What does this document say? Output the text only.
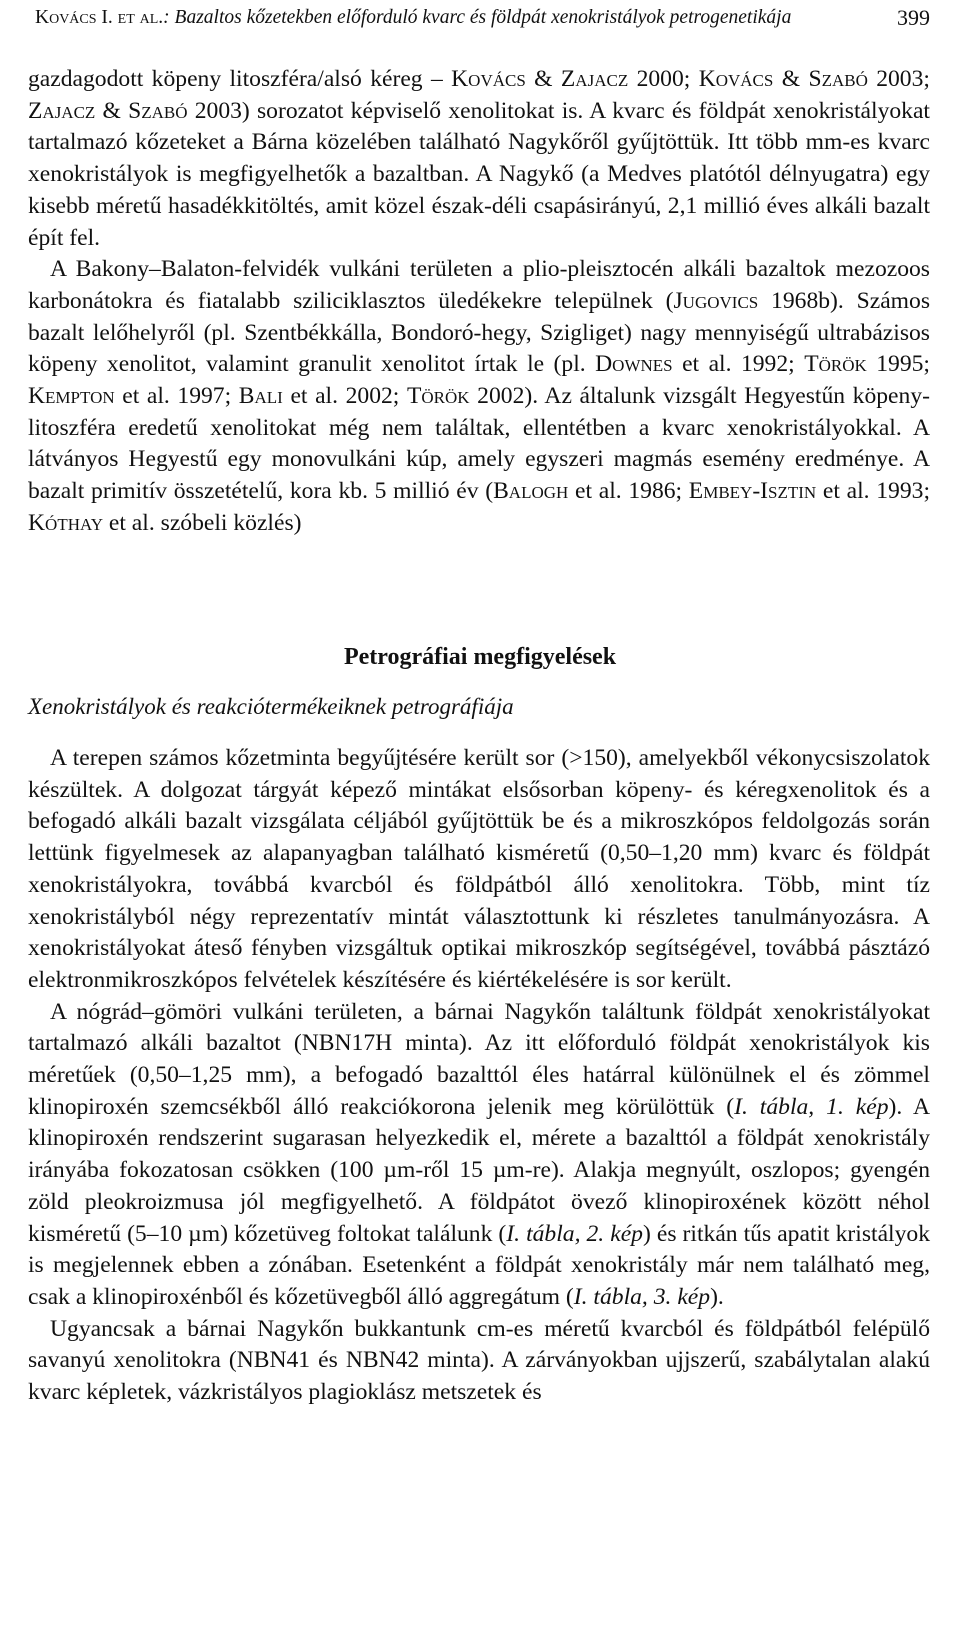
Kovács I. et al.: Bazaltos kőzetekben előforduló kvarc és földpát xenokristályok petrogenetikája	399

gazdagodott köpeny litoszféra/alsó kéreg – Kovács & Zajacz 2000; Kovács & Szabó 2003; Zajacz & Szabó 2003) sorozatot képviselő xenolitokat is. A kvarc és földpát xenokristályokat tartalmazó kőzeteket a Bárna közelében található Nagykőről gyűjtöttük. Itt több mm-es kvarc xenokristályok is megfigyelhetők a bazaltban. A Nagykő (a Medves platótól délnyugatra) egy kisebb méretű hasadékkitöltés, amit közel észak-déli csapásirányú, 2,1 millió éves alkáli bazalt épít fel.

A Bakony–Balaton-felvidék vulkáni területen a plio-pleisztocén alkáli bazaltok mezozoos karbonátokra és fiatalabb sziliciklasztos üledékekre települnek (Jugovics 1968b). Számos bazalt lelőhelyről (pl. Szentbékkálla, Bondoró-hegy, Szigliget) nagy mennyiségű ultrabázisos köpeny xenolitot, valamint granulit xenolitot írtak le (pl. Downes et al. 1992; Török 1995; Kempton et al. 1997; Bali et al. 2002; Török 2002). Az általunk vizsgált Hegyestűn köpeny-litoszféra eredetű xenolitokat még nem találtak, ellentétben a kvarc xenokristályokkal. A látványos Hegyestű egy monovulkáni kúp, amely egyszeri magmás esemény eredménye. A bazalt primitív összetételű, kora kb. 5 millió év (Balogh et al. 1986; Embey-Isztin et al. 1993; Kóthay et al. szóbeli közlés)

Petrográfiai megfigyelések
Xenokristályok és reakciótermékeiknek petrográfiája

A terepen számos kőzetminta begyűjtésére került sor (>150), amelyekből vékonycsiszolatok készültek. A dolgozat tárgyát képező mintákat elsősorban köpeny- és kéregxenolitok és a befogadó alkáli bazalt vizsgálata céljából gyűjtöttük be és a mikroszkópos feldolgozás során lettünk figyelmesek az alapanyagban található kisméretű (0,50–1,20 mm) kvarc és földpát xenokristályokra, továbbá kvarcból és földpátból álló xenolitokra. Több, mint tíz xenokristályból négy reprezentatív mintát választottunk ki részletes tanulmányozásra. A xenokristályokat áteső fényben vizsgáltuk optikai mikroszkóp segítségével, továbbá pásztázó elektronmikroszkópos felvételek készítésére és kiértékelésére is sor került.

A nógrád–gömöri vulkáni területen, a bárnai Nagykőn találtunk földpát xenokristályokat tartalmazó alkáli bazaltot (NBN17H minta). Az itt előforduló földpát xenokristályok kis méretűek (0,50–1,25 mm), a befogadó bazalttól éles határral különülnek el és zömmel klinopiroxén szemcsékből álló reakciókorona jelenik meg körülöttük (I. tábla, 1. kép). A klinopiroxén rendszerint sugarasan helyezkedik el, mérete a bazalttól a földpát xenokristály irányába fokozatosan csökken (100 µm-ről 15 µm-re). Alakja megnyúlt, oszlopos; gyengén zöld pleokroizmusa jól megfigyelhető. A földpátot övező klinopiroxének között néhol kisméretű (5–10 µm) kőzetüveg foltokat találunk (I. tábla, 2. kép) és ritkán tűs apatit kristályok is megjelennek ebben a zónában. Esetenként a földpát xenokristály már nem található meg, csak a klinopiroxénből és kőzetüvegből álló aggregátum (I. tábla, 3. kép).

Ugyancsak a bárnai Nagykőn bukkantunk cm-es méretű kvarcból és földpátból felépülő savanyú xenolitokra (NBN41 és NBN42 minta). A zárványokban ujjszerű, szabálytalan alakú kvarc képletek, vázkristályos plagioklász metszetek és
